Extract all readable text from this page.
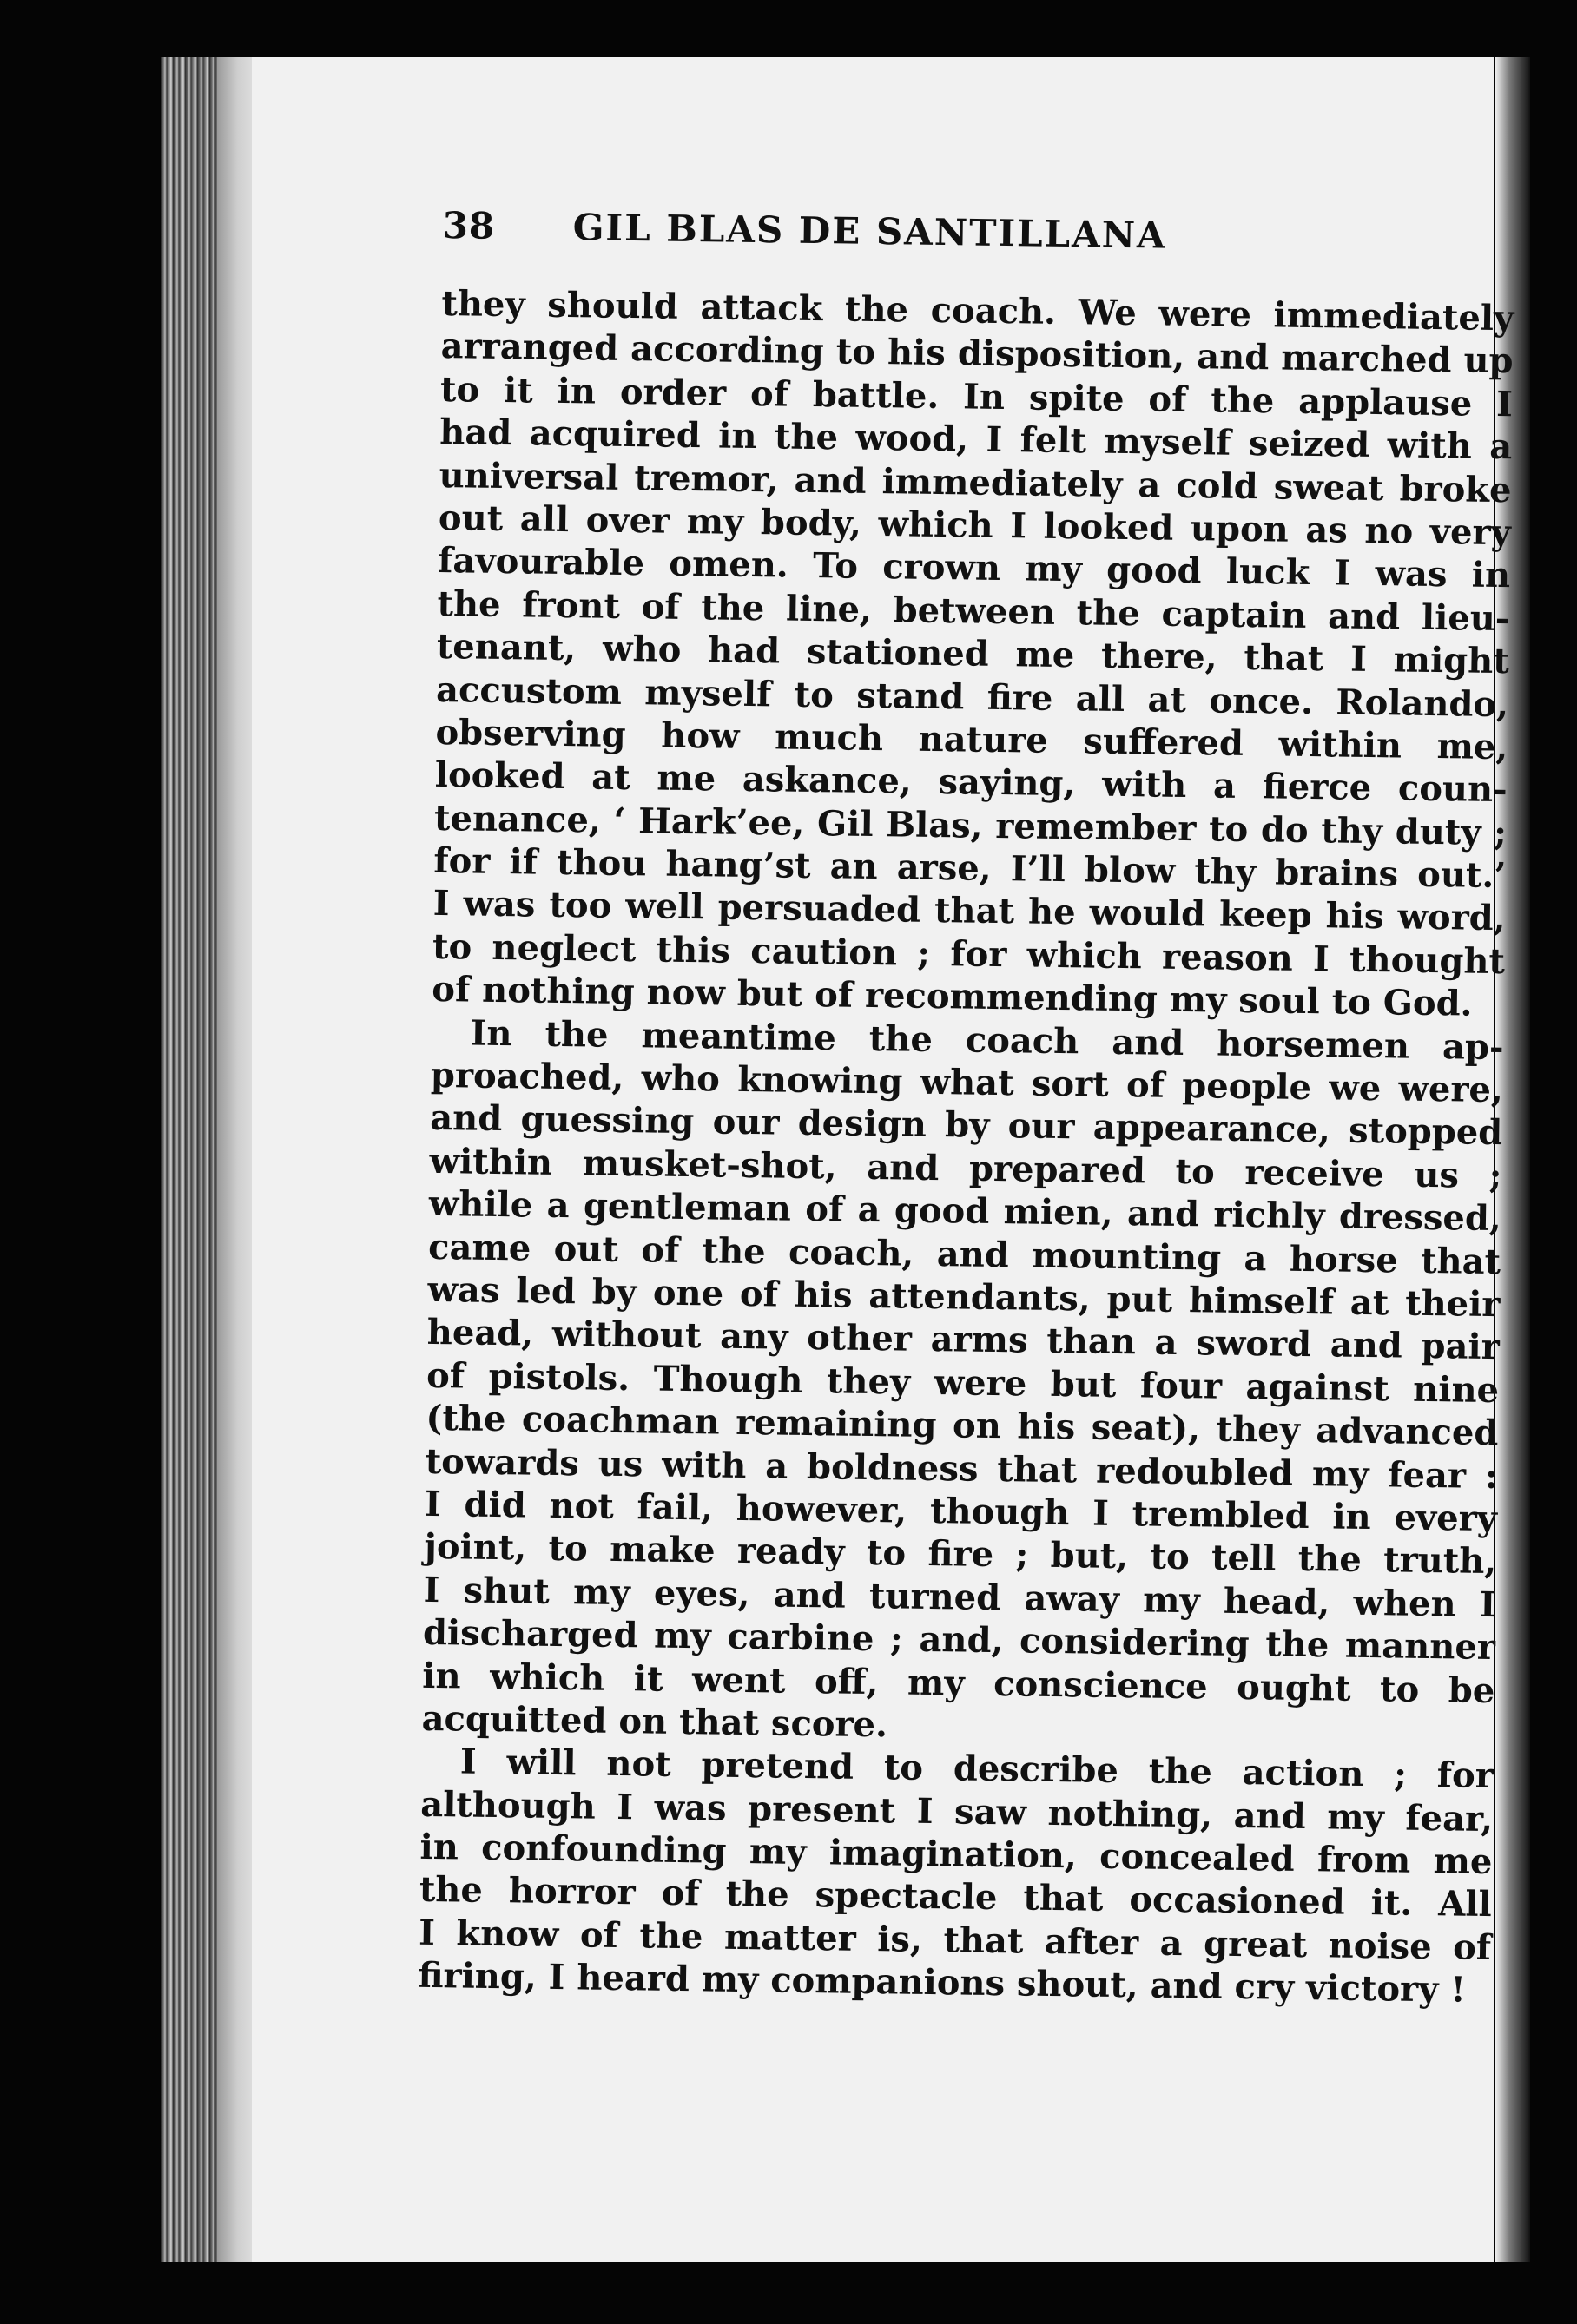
38	GIL BLAS DE SANTILLANA
they should attack the coach. We were immediately
arranged according to his disposition, and marched up
to it in order of battle. In spite of the applause I
had acquired in the wood, I felt myself seized with a
universal tremor, and immediately a cold sweat broke
out all over my body, which I looked upon as no very
favourable omen. To crown my good luck I was in
the front of the line, between the captain and lieu-
tenant, who had stationed me there, that I might
accustom myself to stand fire all at once. Rolando,
observing how much nature suffered within me,
looked at me askance, saying, with a fierce coun-
tenance, ‘ Hark’ee, Gil Blas, remember to do thy duty ;
for if thou hang’st an arse, I’ll blow thy brains out.’
I was too well persuaded that he would keep his word,
to neglect this caution ; for which reason I thought
of nothing now but of recommending my soul to God.
In the meantime the coach and horsemen ap-
proached, who knowing what sort of people we were,
and guessing our design by our appearance, stopped
within musket-shot, and prepared to receive us ;
while a gentleman of a good mien, and richly dressed,
came out of the coach, and mounting a horse that
was led by one of his attendants, put himself at their
head, without any other arms than a sword and pair
of pistols. Though they were but four against nine
(the coachman remaining on his seat), they advanced
towards us with a boldness that redoubled my fear :
I did not fail, however, though I trembled in every
joint, to make ready to fire ; but, to tell the truth,
I shut my eyes, and turned away my head, when I
discharged my carbine ; and, considering the manner
in which it went off, my conscience ought to be
acquitted on that score.
I will not pretend to describe the action ; for
although I was present I saw nothing, and my fear,
in confounding my imagination, concealed from me
the horror of the spectacle that occasioned it. All
I know of the matter is, that after a great noise of
firing, I heard my companions shout, and cry victory !
